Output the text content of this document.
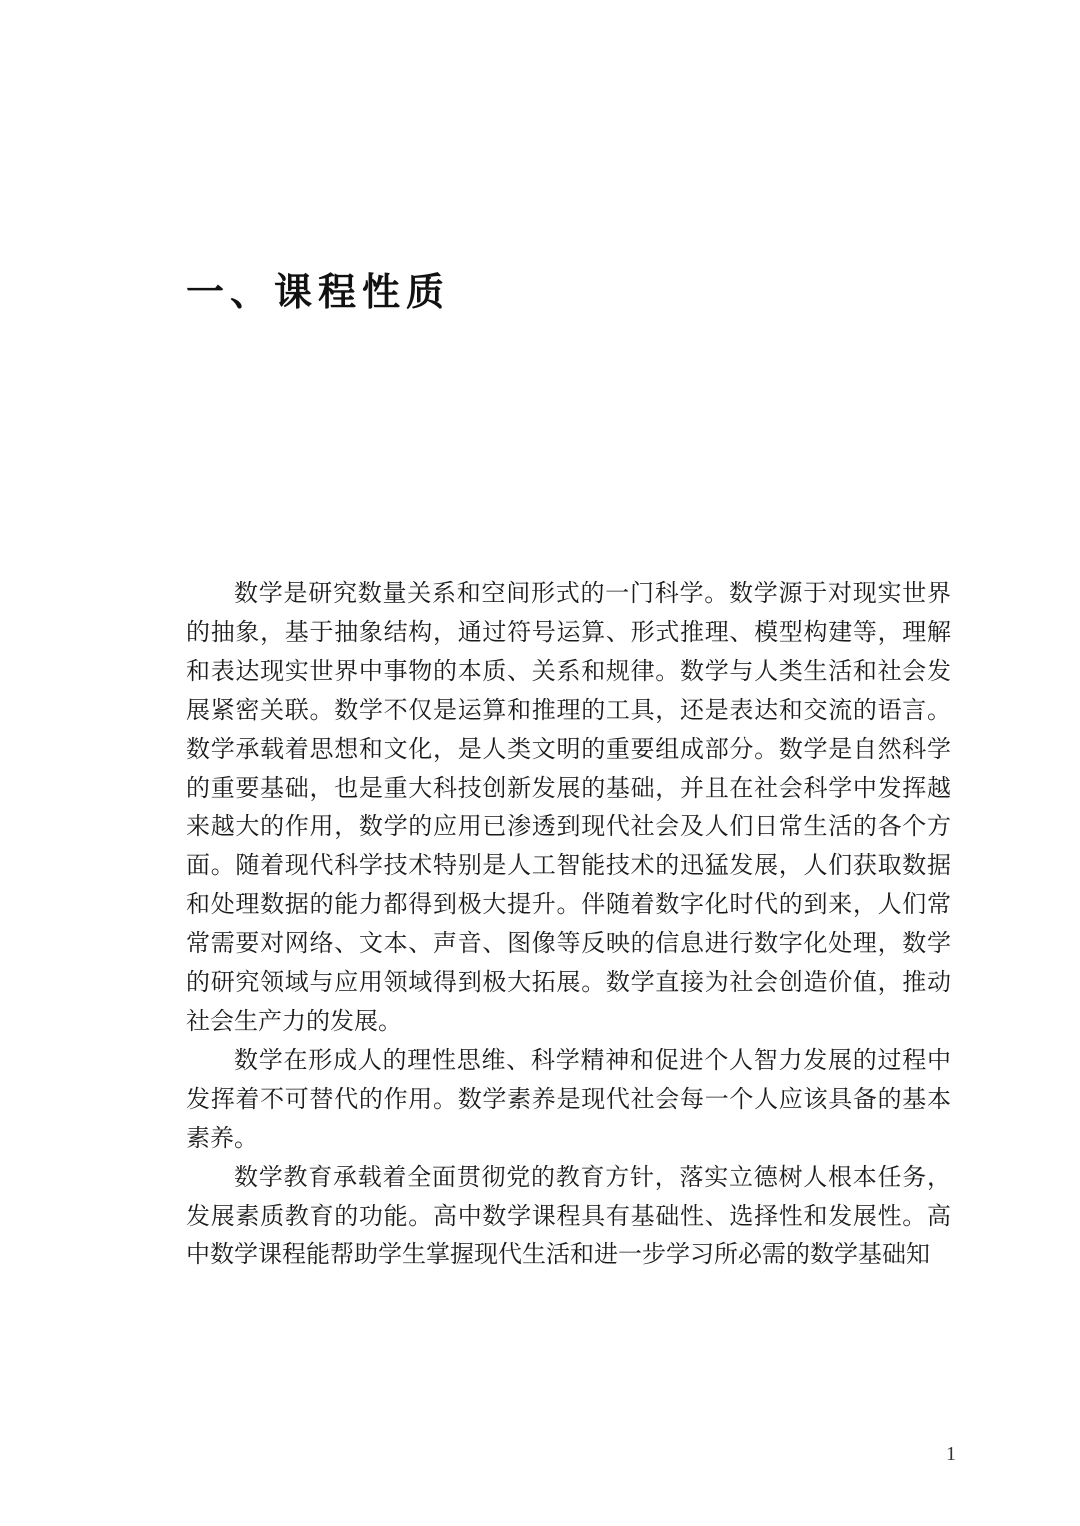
一、课程性质

数学是研究数量关系和空间形式的一门科学。数学源于对现实世界的抽象，基于抽象结构，通过符号运算、形式推理、模型构建等，理解和表达现实世界中事物的本质、关系和规律。数学与人类生活和社会发展紧密关联。数学不仅是运算和推理的工具，还是表达和交流的语言。数学承载着思想和文化，是人类文明的重要组成部分。数学是自然科学的重要基础，也是重大科技创新发展的基础，并且在社会科学中发挥越来越大的作用，数学的应用已渗透到现代社会及人们日常生活的各个方面。随着现代科学技术特别是人工智能技术的迅猛发展，人们获取数据和处理数据的能力都得到极大提升。伴随着数字化时代的到来，人们常常需要对网络、文本、声音、图像等反映的信息进行数字化处理，数学的研究领域与应用领域得到极大拓展。数学直接为社会创造价值，推动社会生产力的发展。

数学在形成人的理性思维、科学精神和促进个人智力发展的过程中发挥着不可替代的作用。数学素养是现代社会每一个人应该具备的基本素养。

数学教育承载着全面贯彻党的教育方针，落实立德树人根本任务，发展素质教育的功能。高中数学课程具有基础性、选择性和发展性。高中数学课程能帮助学生掌握现代生活和进一步学习所必需的数学基础知

1
